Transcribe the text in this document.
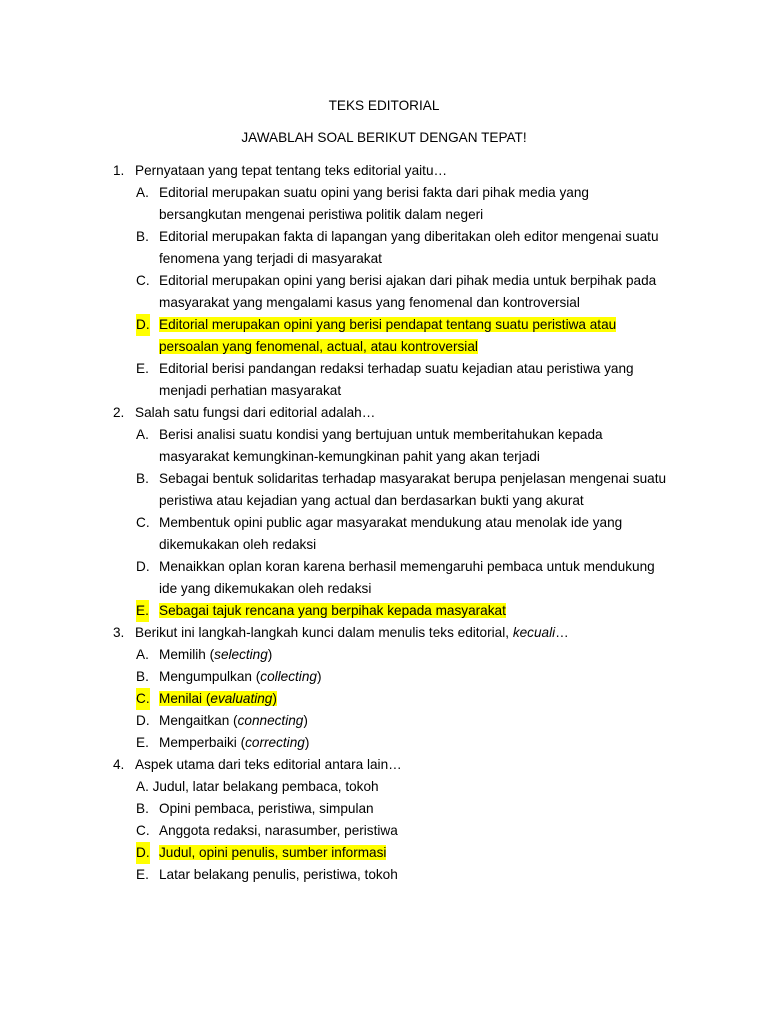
TEKS EDITORIAL
JAWABLAH SOAL BERIKUT DENGAN TEPAT!
1. Pernyataan yang tepat tentang teks editorial yaitu…
A. Editorial merupakan suatu opini yang berisi fakta dari pihak media yang bersangkutan mengenai peristiwa politik dalam negeri
B. Editorial merupakan fakta di lapangan yang diberitakan oleh editor mengenai suatu fenomena yang terjadi di masyarakat
C. Editorial merupakan opini yang berisi ajakan dari pihak media untuk berpihak pada masyarakat yang mengalami kasus yang fenomenal dan kontroversial
D. Editorial merupakan opini yang berisi pendapat tentang suatu peristiwa atau persoalan yang fenomenal, actual, atau kontroversial
E. Editorial berisi pandangan redaksi terhadap suatu kejadian atau peristiwa yang menjadi perhatian masyarakat
2. Salah satu fungsi dari editorial adalah…
A. Berisi analisi suatu kondisi yang bertujuan untuk memberitahukan kepada masyarakat kemungkinan-kemungkinan pahit yang akan terjadi
B. Sebagai bentuk solidaritas terhadap masyarakat berupa penjelasan mengenai suatu peristiwa atau kejadian yang actual dan berdasarkan bukti yang akurat
C. Membentuk opini public agar masyarakat mendukung atau menolak ide yang dikemukakan oleh redaksi
D. Menaikkan oplan koran karena berhasil memengaruhi pembaca untuk mendukung ide yang dikemukakan oleh redaksi
E. Sebagai tajuk rencana yang berpihak kepada masyarakat
3. Berikut ini langkah-langkah kunci dalam menulis teks editorial, kecuali…
A. Memilih (selecting)
B. Mengumpulkan (collecting)
C. Menilai (evaluating)
D. Mengaitkan (connecting)
E. Memperbaiki (correcting)
4. Aspek utama dari teks editorial antara lain…
A. Judul, latar belakang pembaca, tokoh
B. Opini pembaca, peristiwa, simpulan
C. Anggota redaksi, narasumber, peristiwa
D. Judul, opini penulis, sumber informasi
E. Latar belakang penulis, peristiwa, tokoh
